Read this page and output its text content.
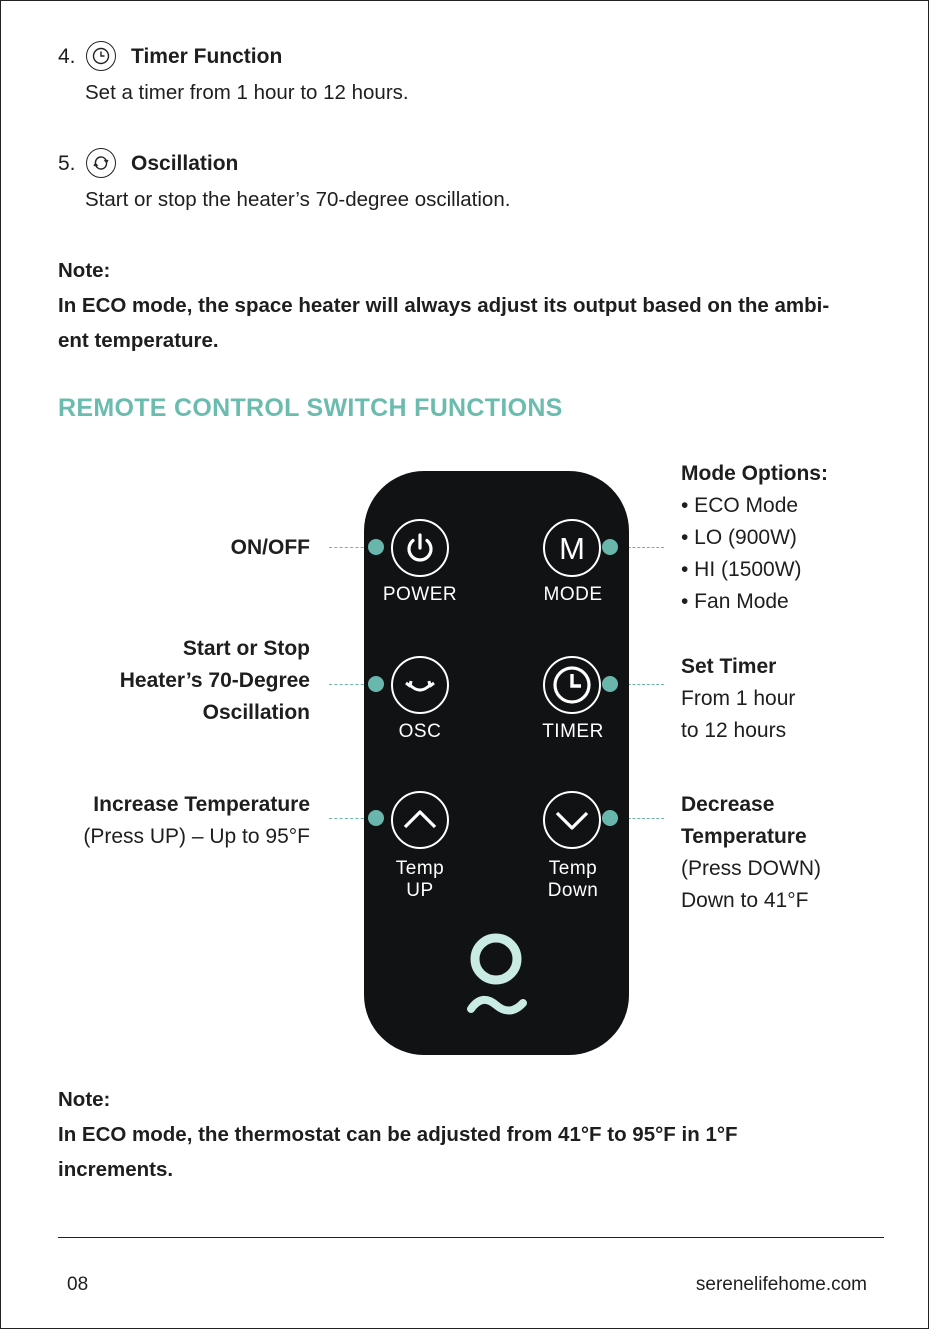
4.	Timer Function
Set a timer from 1 hour to 12 hours.
5.	Oscillation
Start or stop the heater’s 70-degree oscillation.
Note:
In ECO mode, the space heater will always adjust its output based on the ambi-
ent temperature.
REMOTE CONTROL SWITCH FUNCTIONS
ON/OFF
Start or Stop
Heater’s 70-Degree
Oscillation
Increase Temperature
(Press UP) – Up to 95°F
Mode Options:
• ECO Mode
• LO (900W)
• HI (1500W)
• Fan Mode
Set Timer
From 1 hour
to 12 hours
Decrease
Temperature
(Press DOWN)
Down to 41°F
POWER
M
MODE
OSC	TIMER
Temp
UP
Temp
Down
Note:
In ECO mode, the thermostat can be adjusted from 41°F to 95°F in 1°F
increments.
08	serenelifehome.com
